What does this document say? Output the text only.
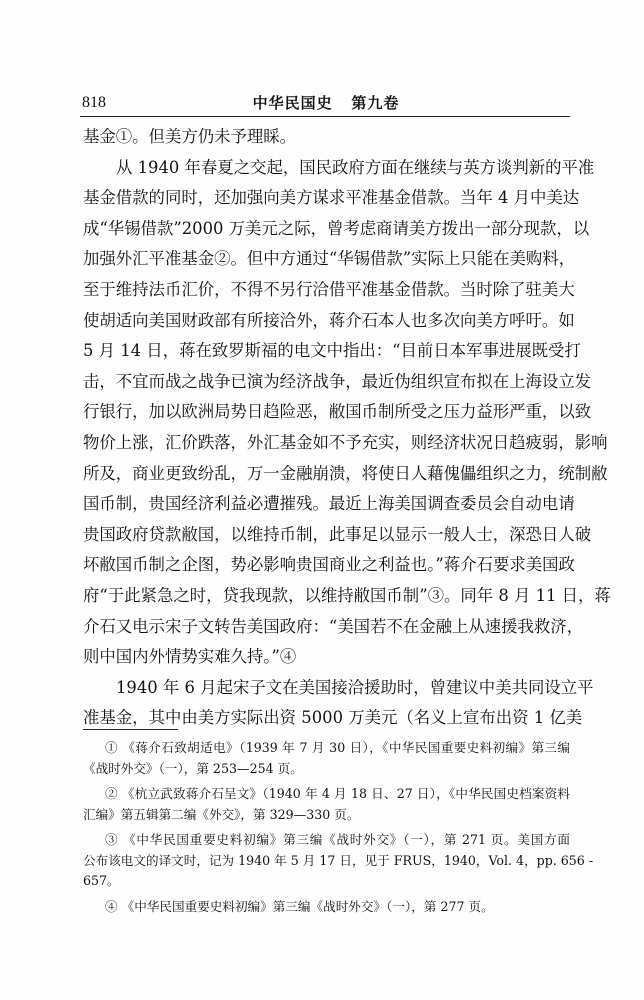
818	中华民国史   第九卷
基金①。但美方仍未予理睬。
从 1940 年春夏之交起，国民政府方面在继续与英方谈判新的平准
基金借款的同时，还加强向美方谋求平准基金借款。当年 4 月中美达
成“华锡借款”2000 万美元之际，曾考虑商请美方拨出一部分现款，以
加强外汇平准基金②。但中方通过“华锡借款”实际上只能在美购料，
至于维持法币汇价，不得不另行洽借平准基金借款。当时除了驻美大
使胡适向美国财政部有所接洽外，蒋介石本人也多次向美方呼吁。如
5 月 14 日，蒋在致罗斯福的电文中指出：“目前日本军事进展既受打
击，不宜而战之战争已演为经济战争，最近伪组织宣布拟在上海设立发
行银行，加以欧洲局势日趋险恶，敝国币制所受之压力益形严重，以致
物价上涨，汇价跌落，外汇基金如不予充实，则经济状况日趋疲弱，影响
所及，商业更致纷乱，万一金融崩溃，将使日人藉傀儡组织之力，统制敝
国币制，贵国经济利益必遭摧残。最近上海美国调查委员会自动电请
贵国政府贷款敝国，以维持币制，此事足以显示一般人士，深恐日人破
坏敝国币制之企图，势必影响贵国商业之利益也。”蒋介石要求美国政
府“于此紧急之时，贷我现款，以维持敝国币制”③。同年 8 月 11 日，蒋
介石又电示宋子文转告美国政府：“美国若不在金融上从速援我救济，
则中国内外情势实难久持。”④
1940 年 6 月起宋子文在美国接洽援助时，曾建议中美共同设立平
准基金，其中由美方实际出资 5000 万美元（名义上宣布出资 1 亿美
① 《蒋介石致胡适电》（1939 年 7 月 30 日），《中华民国重要史料初编》第三编
《战时外交》（一），第 253—254 页。
② 《杭立武致蒋介石呈文》（1940 年 4 月 18 日、27 日），《中华民国史档案资料
汇编》第五辑第二编《外交》，第 329—330 页。
③ 《中华民国重要史料初编》第三编《战时外交》（一），第 271 页。美国方面
公布该电文的译文时，记为 1940 年 5 月 17 日，见于 FRUS，1940，Vol. 4，pp. 656 -
657。
④ 《中华民国重要史料初编》第三编《战时外交》（一），第 277 页。
